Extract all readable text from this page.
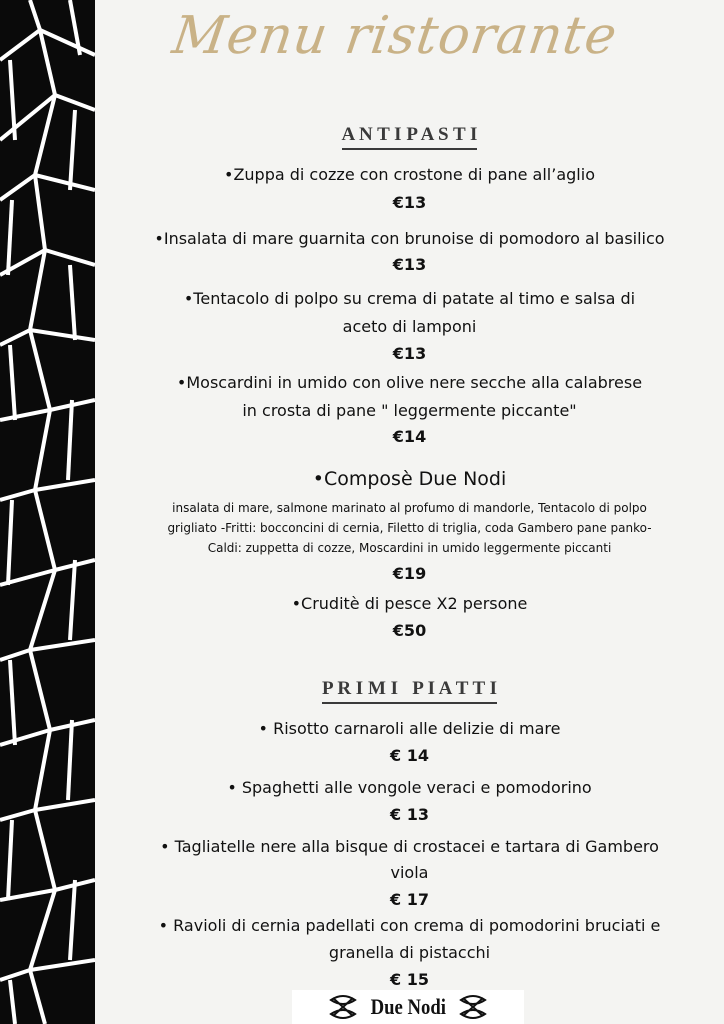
Menu ristorante
A N T I P A S T I
•Zuppa di cozze con crostone di pane all’aglio
€13
•Insalata di mare guarnita con brunoise di pomodoro al basilico
€13
•Tentacolo di polpo su crema di patate al timo e salsa di
aceto di lamponi
€13
•Moscardini in umido con olive nere secche alla calabrese
in crosta di pane " leggermente piccante"
€14
•Composè Due Nodi
insalata di mare, salmone marinato al profumo di mandorle, Tentacolo di polpo
grigliato -Fritti: bocconcini di cernia, Filetto di triglia, coda Gambero pane panko-
Caldi: zuppetta di cozze, Moscardini in umido leggermente piccanti
€19
•Cruditè di pesce X2 persone
€50
P R I M I   P I A T T I
• Risotto carnaroli alle delizie di mare
€ 14
• Spaghetti alle vongole veraci e pomodorino
€ 13
• Tagliatelle nere alla bisque di crostacei e tartara di Gambero
viola
€ 17
• Ravioli di cernia padellati con crema di pomodorini bruciati e
granella di pistacchi
€ 15
Due Nodi
